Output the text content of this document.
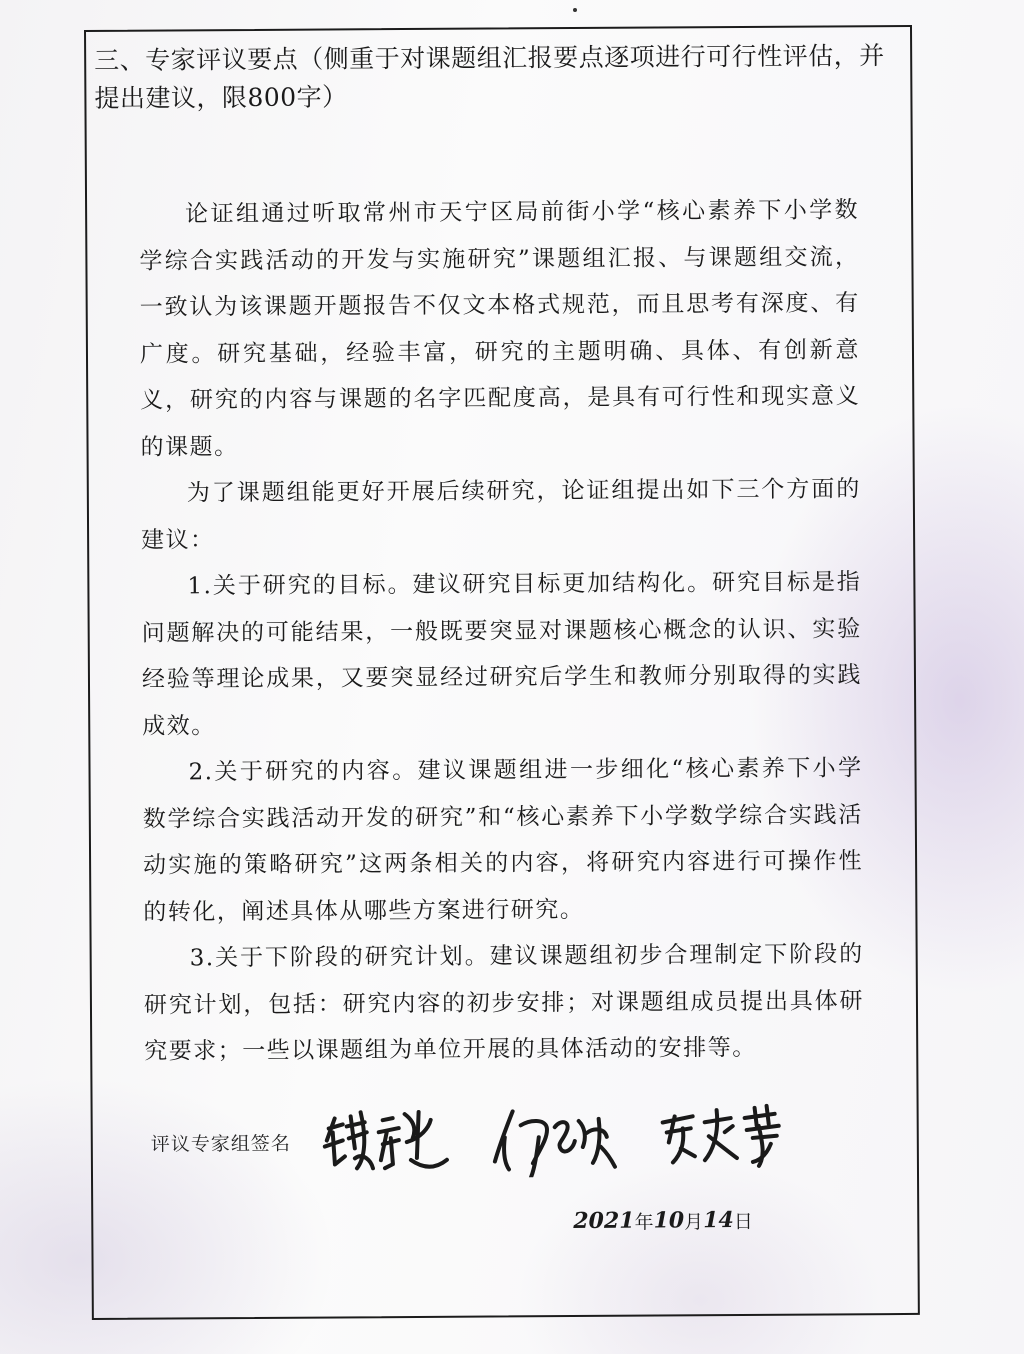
三、专家评议要点（侧重于对课题组汇报要点逐项进行可行性评估，并提出建议，限800字）

论证组通过听取常州市天宁区局前街小学“核心素养下小学数学综合实践活动的开发与实施研究”课题组汇报、与课题组交流，一致认为该课题开题报告不仅文本格式规范，而且思考有深度、有广度。研究基础，经验丰富，研究的主题明确、具体、有创新意义，研究的内容与课题的名字匹配度高，是具有可行性和现实意义的课题。

为了课题组能更好开展后续研究，论证组提出如下三个方面的建议：

1.关于研究的目标。建议研究目标更加结构化。研究目标是指问题解决的可能结果，一般既要突显对课题核心概念的认识、实验经验等理论成果，又要突显经过研究后学生和教师分别取得的实践成效。

2.关于研究的内容。建议课题组进一步细化“核心素养下小学数学综合实践活动开发的研究”和“核心素养下小学数学综合实践活动实施的策略研究”这两条相关的内容，将研究内容进行可操作性的转化，阐述具体从哪些方案进行研究。

3.关于下阶段的研究计划。建议课题组初步合理制定下阶段的研究计划，包括：研究内容的初步安排；对课题组成员提出具体研究要求；一些以课题组为单位开展的具体活动的安排等。

评议专家组签名
2021 年 10 月 14 日
